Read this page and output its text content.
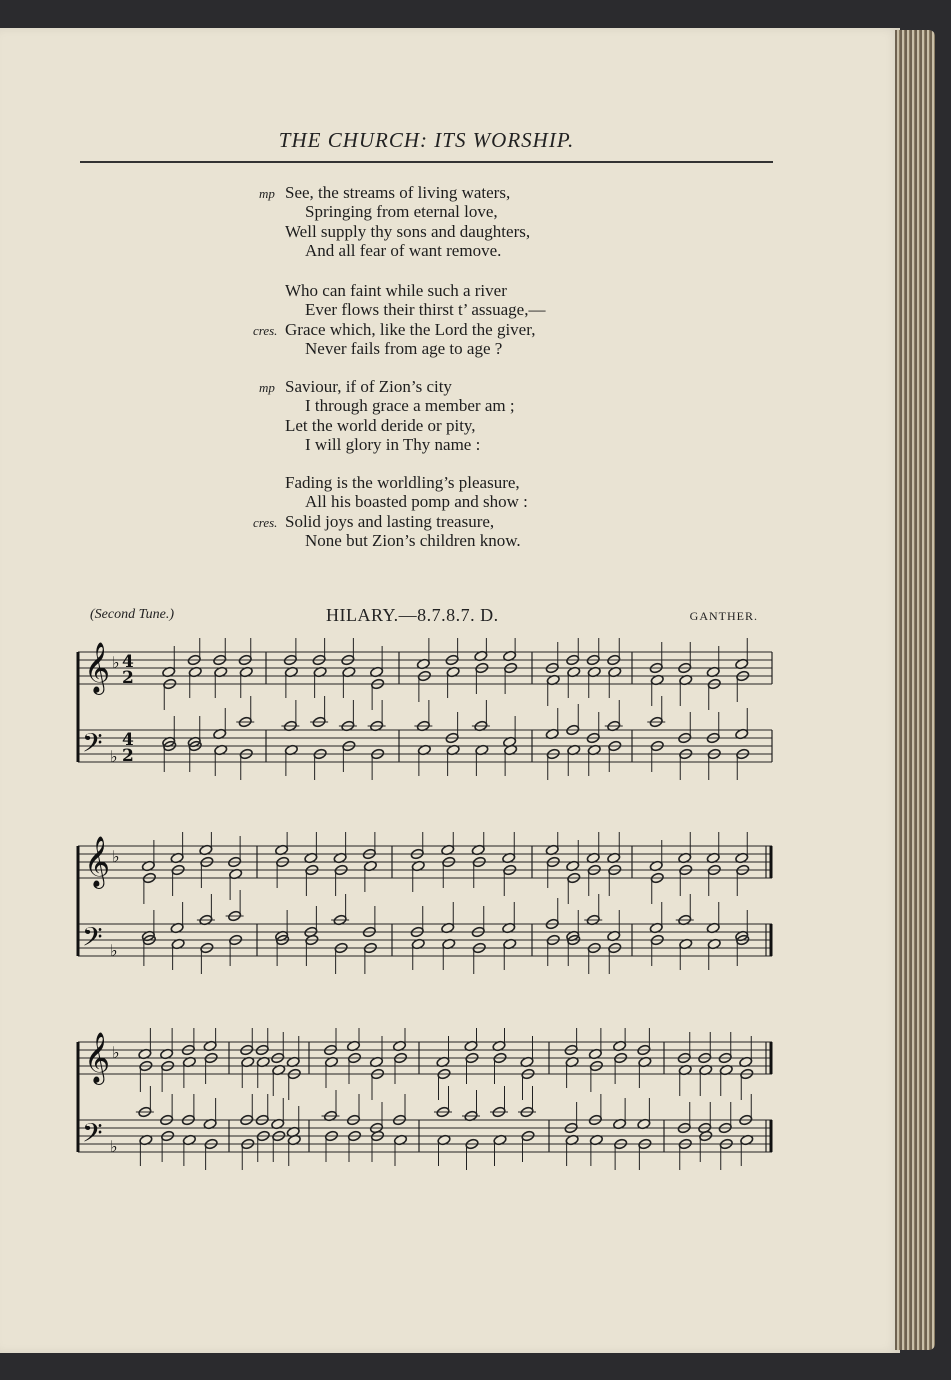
THE CHURCH: ITS WORSHIP.
See, the streams of living waters,
mp
Springing from eternal love,
Well supply thy sons and daughters,
And all fear of want remove.
Who can faint while such a river
Ever flows their thirst t’ assuage,—
Grace which, like the Lord the giver,
cres.
Never fails from age to age ?
Saviour, if of Zion’s city
mp
I through grace a member am ;
Let the world deride or pity,
I will glory in Thy name :
Fading is the worldling’s pleasure,
All his boasted pomp and show :
Solid joys and lasting treasure,
cres.
None but Zion’s children know.
(Second Tune.)	HILARY.—8.7.8.7. D.	GANTHER.
𝄞
𝄢
♭
♭
4
2
4
2
𝄞
𝄢
♭
♭
𝄞
𝄢
♭
♭
